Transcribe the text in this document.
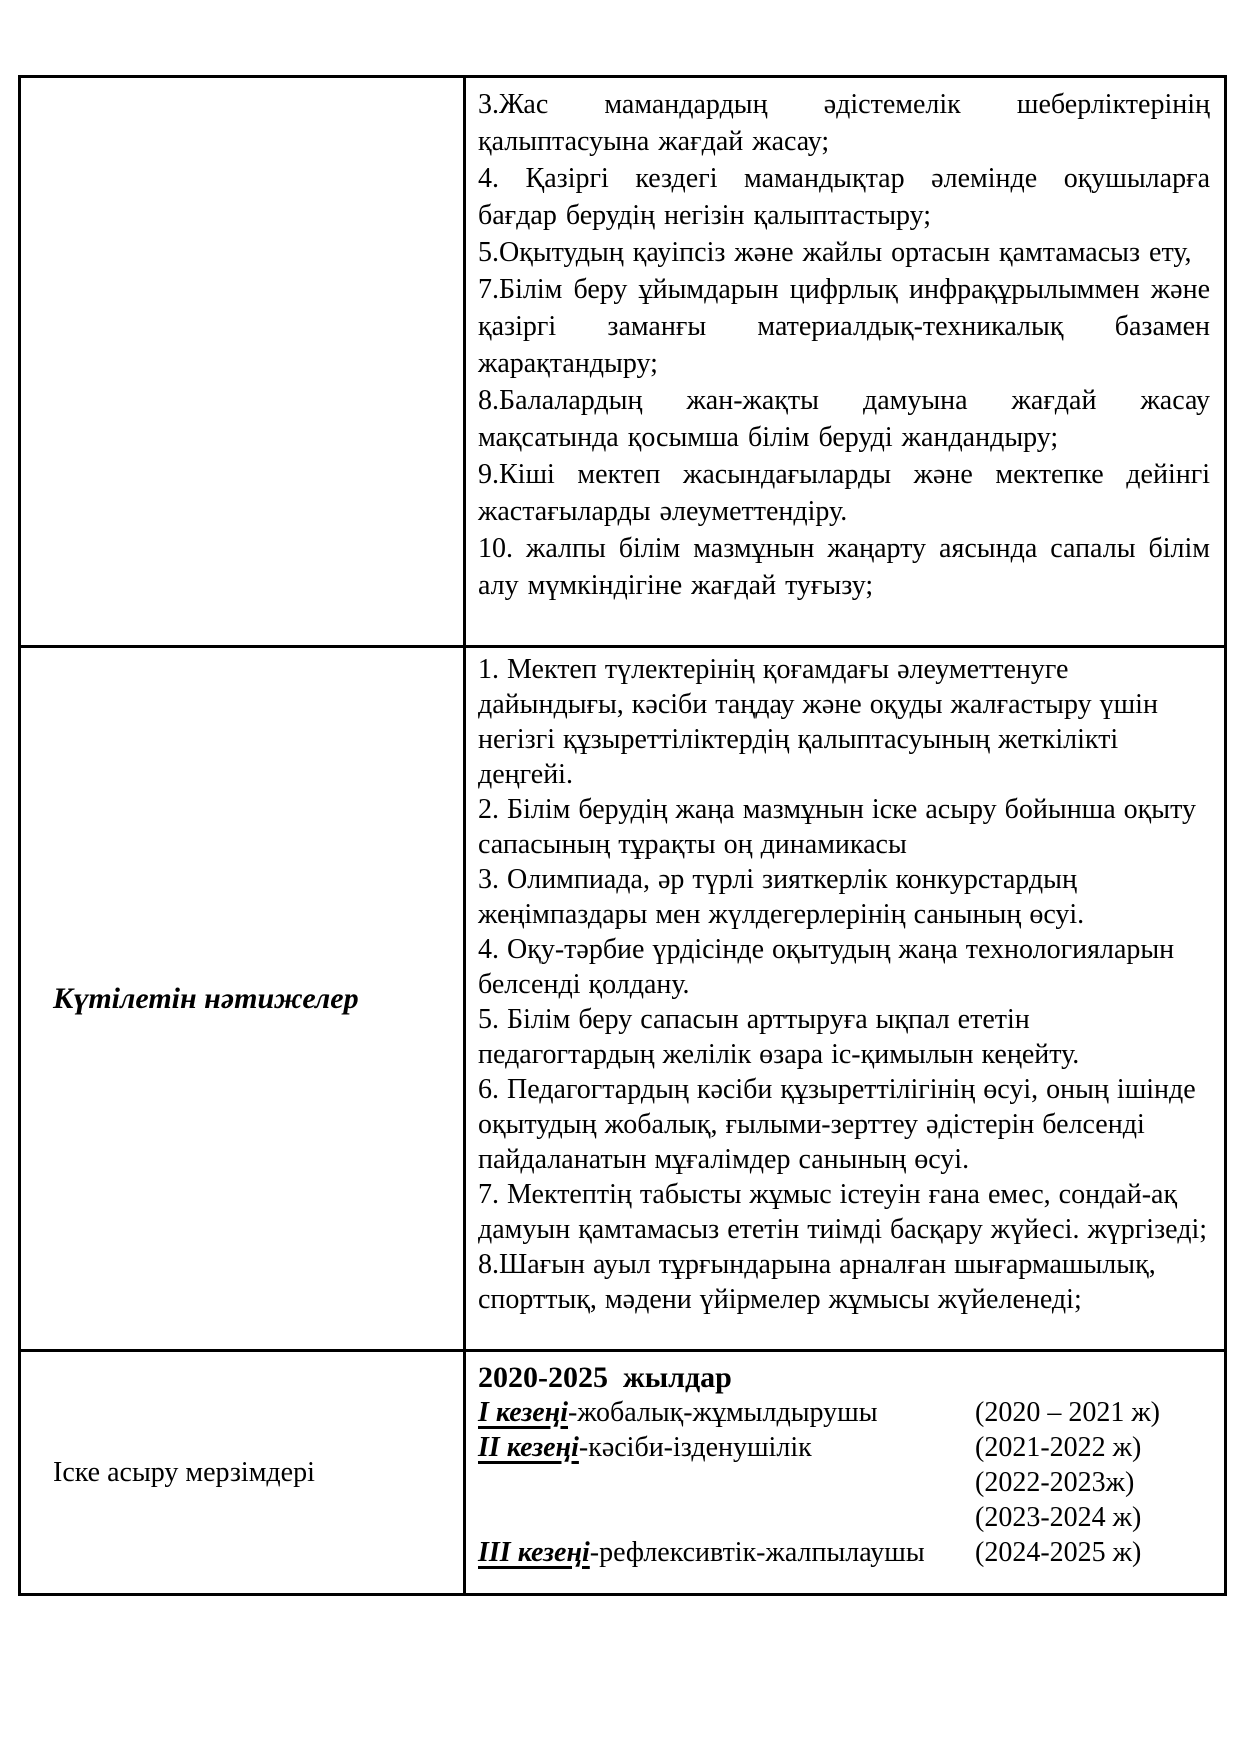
3.Жас мамандардың әдістемелік шеберліктерінің қалыптасуына жағдай жасау;
4. Қазіргі кездегі мамандықтар әлемінде оқушыларға бағдар берудің негізін қалыптастыру;
5.Оқытудың қауіпсіз және жайлы ортасын қамтамасыз ету,
7.Білім беру ұйымдарын цифрлық инфрақұрылыммен және қазіргі заманғы материалдық-техникалық базамен жарақтандыру;
8.Балалардың жан-жақты дамуына жағдай жасау мақсатында қосымша білім беруді жандандыру;
9.Кіші мектеп жасындағыларды және мектепке дейінгі жастағыларды әлеуметтендіру.
10. жалпы білім мазмұнын жаңарту аясында сапалы білім алу мүмкіндігіне жағдай туғызу;
Күтілетін нәтижелер
1. Мектеп түлектерінің қоғамдағы әлеуметтенуге дайындығы, кәсіби таңдау және оқуды жалғастыру үшін негізгі құзыреттіліктердің қалыптасуының жеткілікті деңгейі.
2. Білім берудің жаңа мазмұнын іске асыру бойынша оқыту сапасының тұрақты оң динамикасы
3. Олимпиада, әр түрлі зияткерлік конкурстардың жеңімпаздары мен жүлдегерлерінің санының өсуі.
4. Оқу-тәрбие үрдісінде оқытудың жаңа технологияларын белсенді қолдану.
5. Білім беру сапасын арттыруға ықпал ететін педагогтардың желілік өзара іс-қимылын кеңейту.
6. Педагогтардың кәсіби құзыреттілігінің өсуі, оның ішінде оқытудың жобалық, ғылыми-зерттеу әдістерін белсенді пайдаланатын мұғалімдер санының өсуі.
7. Мектептің табысты жұмыс істеуін ғана емес, сондай-ақ дамуын қамтамасыз ететін тиімді басқару жүйесі. жүргізеді;
8.Шағын ауыл тұрғындарына арналған шығармашылық, спорттық, мәдени үйірмелер жұмысы жүйеленеді;
Іске асыру мерзімдері
2020-2025  жылдар
І кезеңі-жобалық-жұмылдырушы	(2020 – 2021 ж)
ІІ кезеңі-кәсіби-ізденушілік	(2021-2022 ж)
(2022-2023ж)
(2023-2024 ж)
ІІІ кезеңі-рефлексивтік-жалпылаушы (2024-2025 ж)
